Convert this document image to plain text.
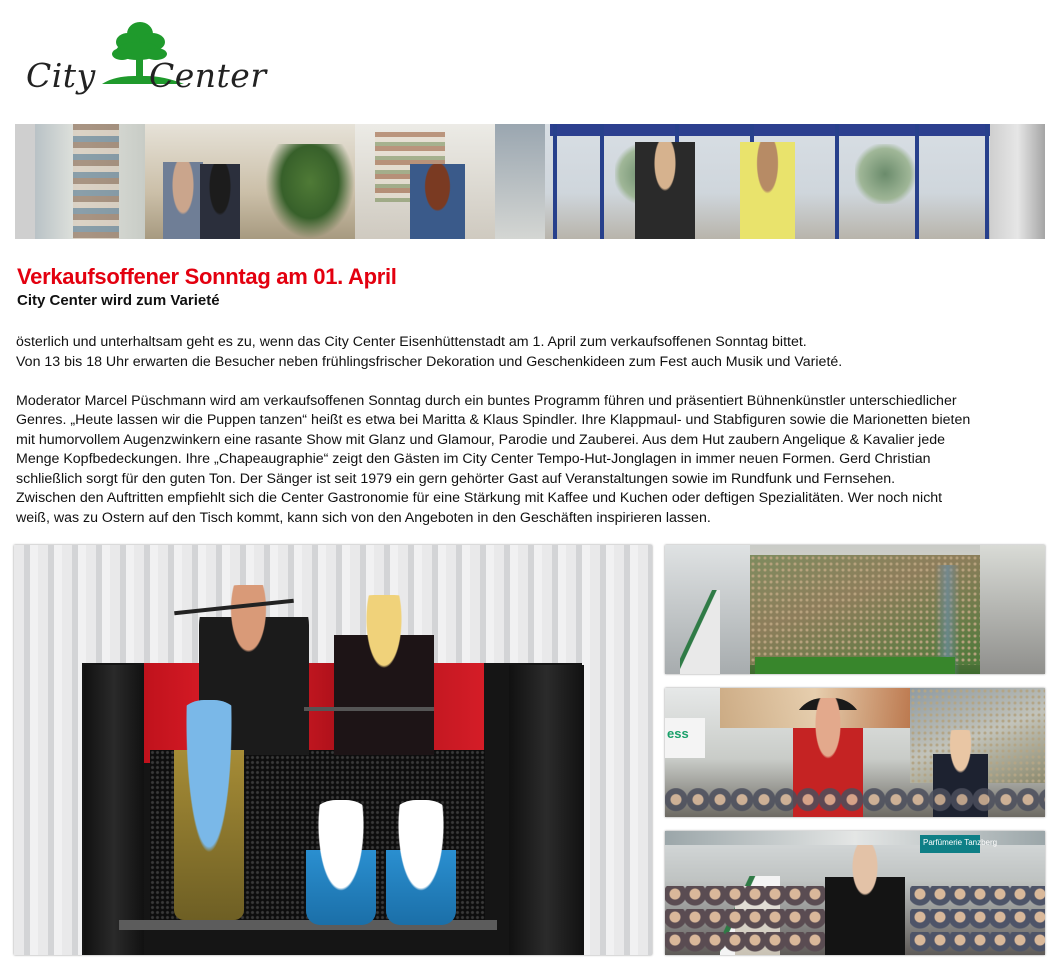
City Center
Verkaufsoffener Sonntag am 01. April
City Center wird zum Varieté

österlich und unterhaltsam geht es zu, wenn das City Center Eisenhüttenstadt am 1. April zum verkaufsoffenen Sonntag bittet.

Von 13 bis 18 Uhr erwarten die Besucher neben frühlingsfrischer Dekoration und Geschenkideen zum Fest auch Musik und Varieté.

Moderator Marcel Püschmann wird am verkaufsoffenen Sonntag durch ein buntes Programm führen und präsentiert Bühnenkünstler unterschiedlicher

Genres. „Heute lassen wir die Puppen tanzen“ heißt es etwa bei Maritta & Klaus Spindler. Ihre Klappmaul- und Stabfiguren sowie die Marionetten bieten

mit humorvollem Augenzwinkern eine rasante Show mit Glanz und Glamour, Parodie und Zauberei. Aus dem Hut zaubern Angelique & Kavalier jede

Menge Kopfbedeckungen. Ihre „Chapeaugraphie“ zeigt den Gästen im City Center Tempo-Hut-Jonglagen in immer neuen Formen. Gerd Christian

schließlich sorgt für den guten Ton. Der Sänger ist seit 1979 ein gern gehörter Gast auf Veranstaltungen sowie im Rundfunk und Fernsehen.

Zwischen den Auftritten empfiehlt sich die Center Gastronomie für eine Stärkung mit Kaffee und Kuchen oder deftigen Spezialitäten. Wer noch nicht

weiß, was zu Ostern auf den Tisch kommt, kann sich von den Angeboten in den Geschäften inspirieren lassen.

ess
Parfümerie Tanzberg
